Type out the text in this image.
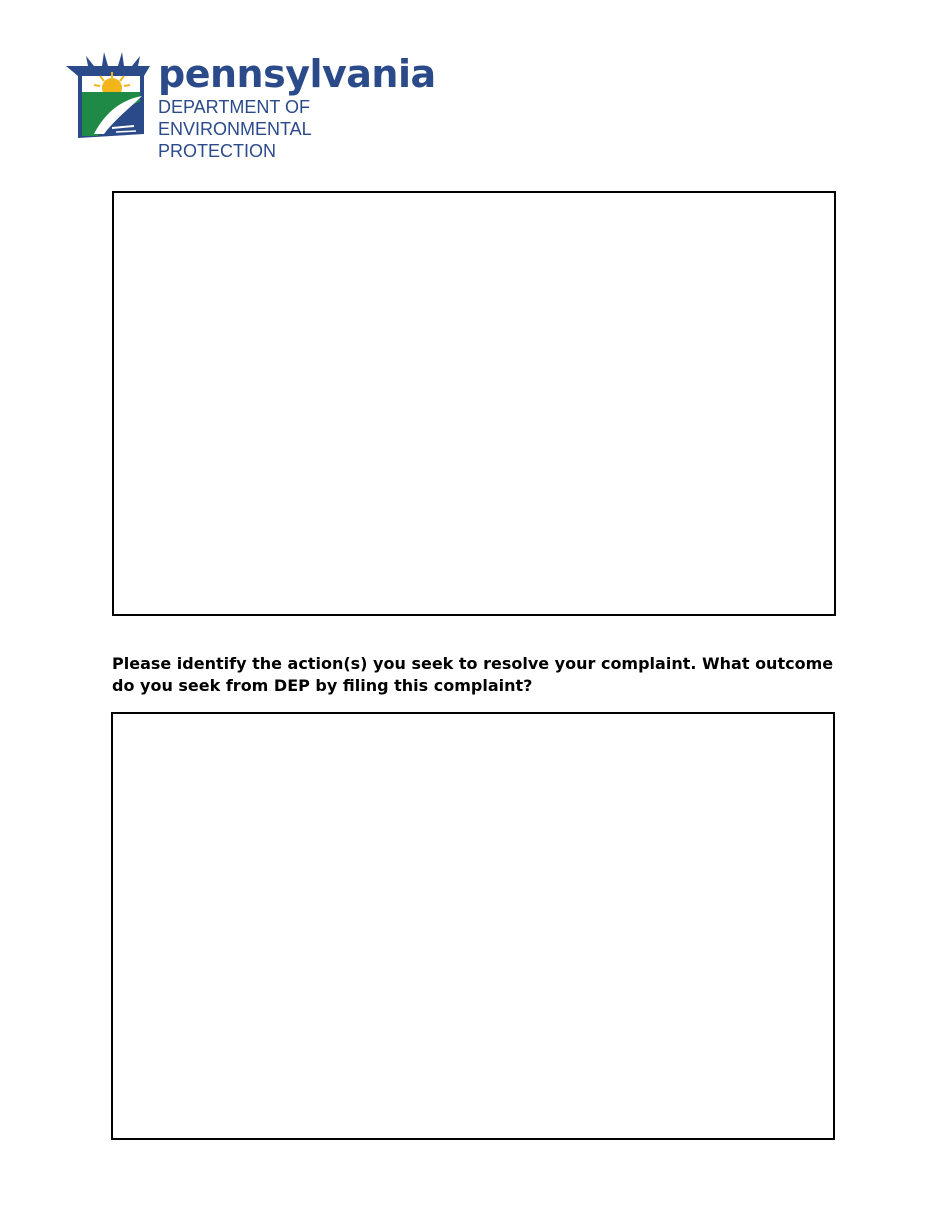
pennsylvania
DEPARTMENT OF ENVIRONMENTAL
PROTECTION
Please identify the action(s) you seek to resolve your complaint. What outcome do you seek from DEP by filing this complaint?
